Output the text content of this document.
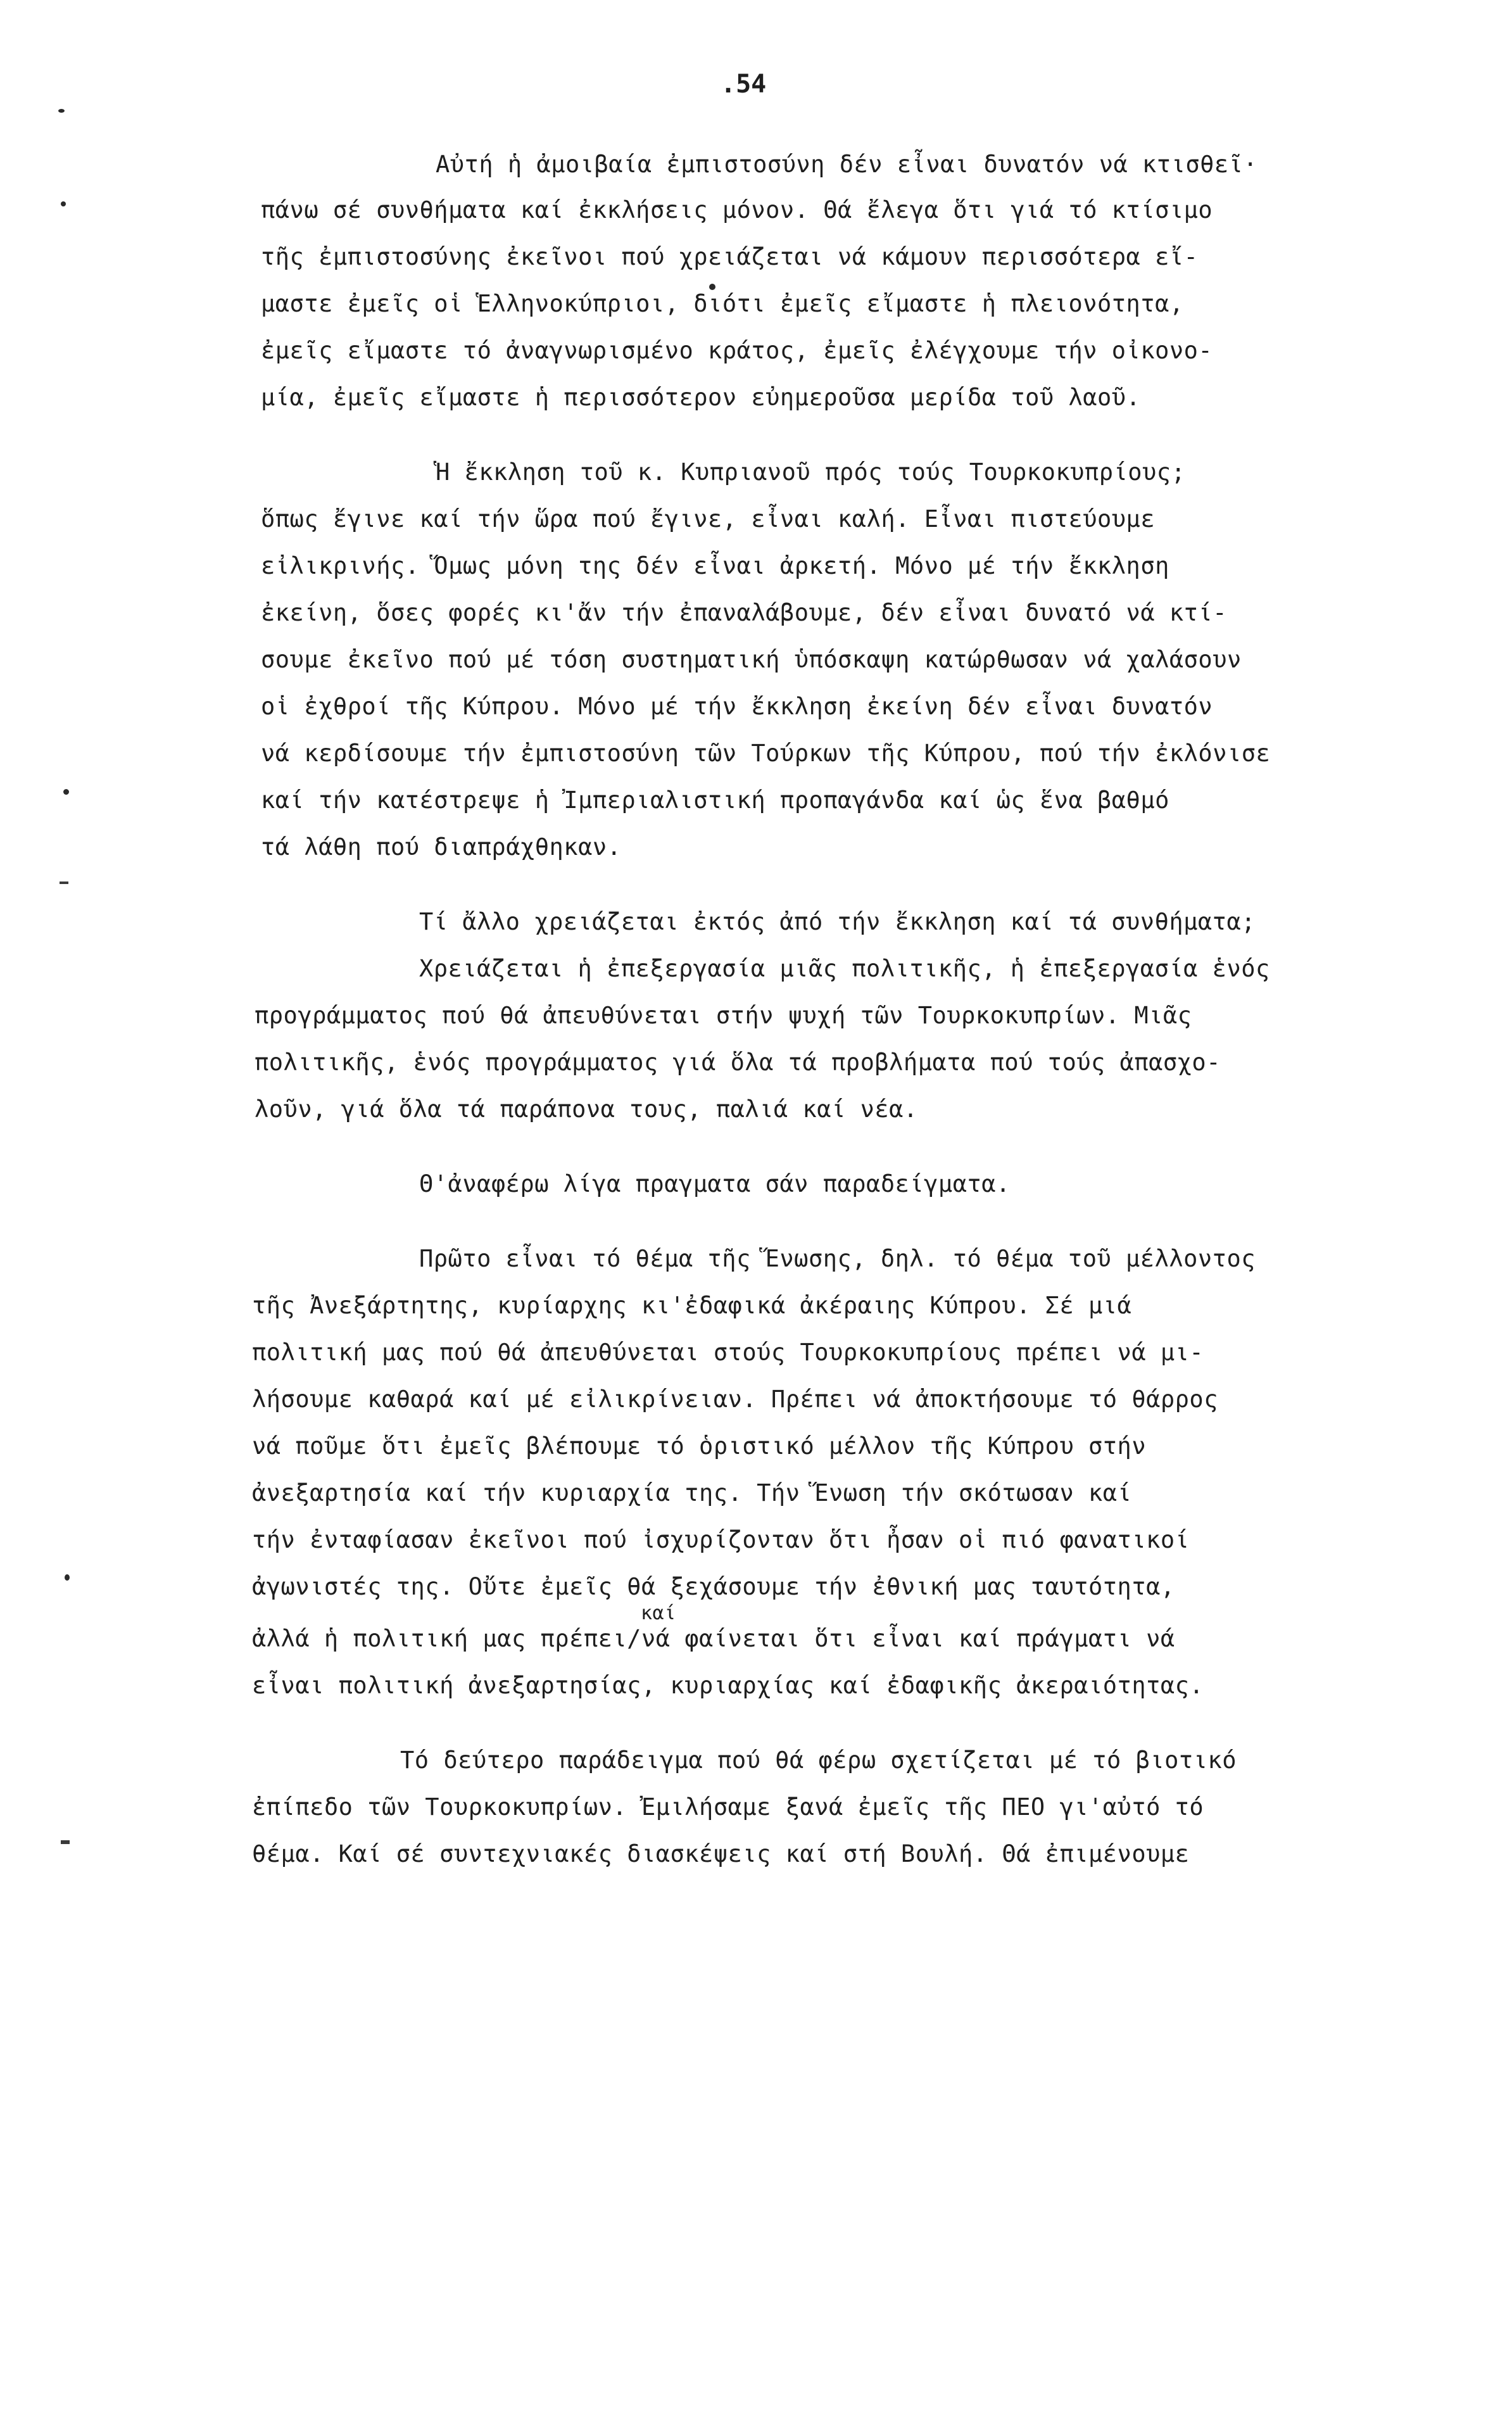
.54
Αὐτή ἡ ἀμοιβαία ἐμπιστοσύνη δέν εἶναι δυνατόν νά κτισθεῖ·
πάνω σέ συνθήματα καί ἐκκλήσεις μόνον. Θά ἔλεγα ὅτι γιά τό κτίσιμο
τῆς ἐμπιστοσύνης ἐκεῖνοι πού χρειάζεται νά κάμουν περισσότερα εἴ-
μαστε ἐμεῖς οἱ Ἑλληνοκύπριοι, διότι ἐμεῖς εἴμαστε ἡ πλειονότητα,
ἐμεῖς εἴμαστε τό ἀναγνωρισμένο κράτος, ἐμεῖς ἐλέγχουμε τήν οἰκονο-
μία, ἐμεῖς εἴμαστε ἡ περισσότερον εὐημεροῦσα μερίδα τοῦ λαοῦ.
Ἡ ἔκκληση τοῦ κ. Κυπριανοῦ πρός τούς Τουρκοκυπρίους;
ὅπως ἔγινε καί τήν ὥρα πού ἔγινε, εἶναι καλή. Εἶναι πιστεύουμε
εἰλικρινής. Ὅμως μόνη της δέν εἶναι ἀρκετή. Μόνο μέ τήν ἔκκληση
ἐκείνη, ὅσες φορές κι'ἄν τήν ἐπαναλάβουμε, δέν εἶναι δυνατό νά κτί-
σουμε ἐκεῖνο πού μέ τόση συστηματική ὑπόσκαψη κατώρθωσαν νά χαλάσουν
οἱ ἐχθροί τῆς Κύπρου. Μόνο μέ τήν ἔκκληση ἐκείνη δέν εἶναι δυνατόν
νά κερδίσουμε τήν ἐμπιστοσύνη τῶν Τούρκων τῆς Κύπρου, πού τήν ἐκλόνισε
καί τήν κατέστρεψε ἡ Ἰμπεριαλιστική προπαγάνδα καί ὡς ἕνα βαθμό
τά λάθη πού διαπράχθηκαν.
Τί ἄλλο χρειάζεται ἐκτός ἀπό τήν ἔκκληση καί τά συνθήματα;
Χρειάζεται ἡ ἐπεξεργασία μιᾶς πολιτικῆς, ἡ ἐπεξεργασία ἑνός
προγράμματος πού θά ἀπευθύνεται στήν ψυχή τῶν Τουρκοκυπρίων. Μιᾶς
πολιτικῆς, ἑνός προγράμματος γιά ὅλα τά προβλήματα πού τούς ἀπασχο-
λοῦν, γιά ὅλα τά παράπονα τους, παλιά καί νέα.
Θ'ἀναφέρω λίγα πραγματα σάν παραδείγματα.
Πρῶτο εἶναι τό θέμα τῆς Ἕνωσης, δηλ. τό θέμα τοῦ μέλλοντος
τῆς Ἀνεξάρτητης, κυρίαρχης κι'ἐδαφικά ἀκέραιης Κύπρου. Σέ μιά
πολιτική μας πού θά ἀπευθύνεται στούς Τουρκοκυπρίους πρέπει νά μι-
λήσουμε καθαρά καί μέ εἰλικρίνειαν. Πρέπει νά ἀποκτήσουμε τό θάρρος
νά ποῦμε ὅτι ἐμεῖς βλέπουμε τό ὁριστικό μέλλον τῆς Κύπρου στήν
ἀνεξαρτησία καί τήν κυριαρχία της. Τήν Ἕνωση τήν σκότωσαν καί
τήν ἐνταφίασαν ἐκεῖνοι πού ἰσχυρίζονταν ὅτι ἦσαν οἱ πιό φανατικοί
ἀγωνιστές της. Οὔτε ἐμεῖς θά ξεχάσουμε τήν ἐθνική μας ταυτότητα,
καί
ἀλλά ἡ πολιτική μας πρέπει/νά φαίνεται ὅτι εἶναι καί πράγματι νά
εἶναι πολιτική ἀνεξαρτησίας, κυριαρχίας καί ἐδαφικῆς ἀκεραιότητας.
Τό δεύτερο παράδειγμα πού θά φέρω σχετίζεται μέ τό βιοτικό
ἐπίπεδο τῶν Τουρκοκυπρίων. Ἐμιλήσαμε ξανά ἐμεῖς τῆς ΠΕΟ γι'αὐτό τό
θέμα. Καί σέ συντεχνιακές διασκέψεις καί στή Βουλή. Θά ἐπιμένουμε
